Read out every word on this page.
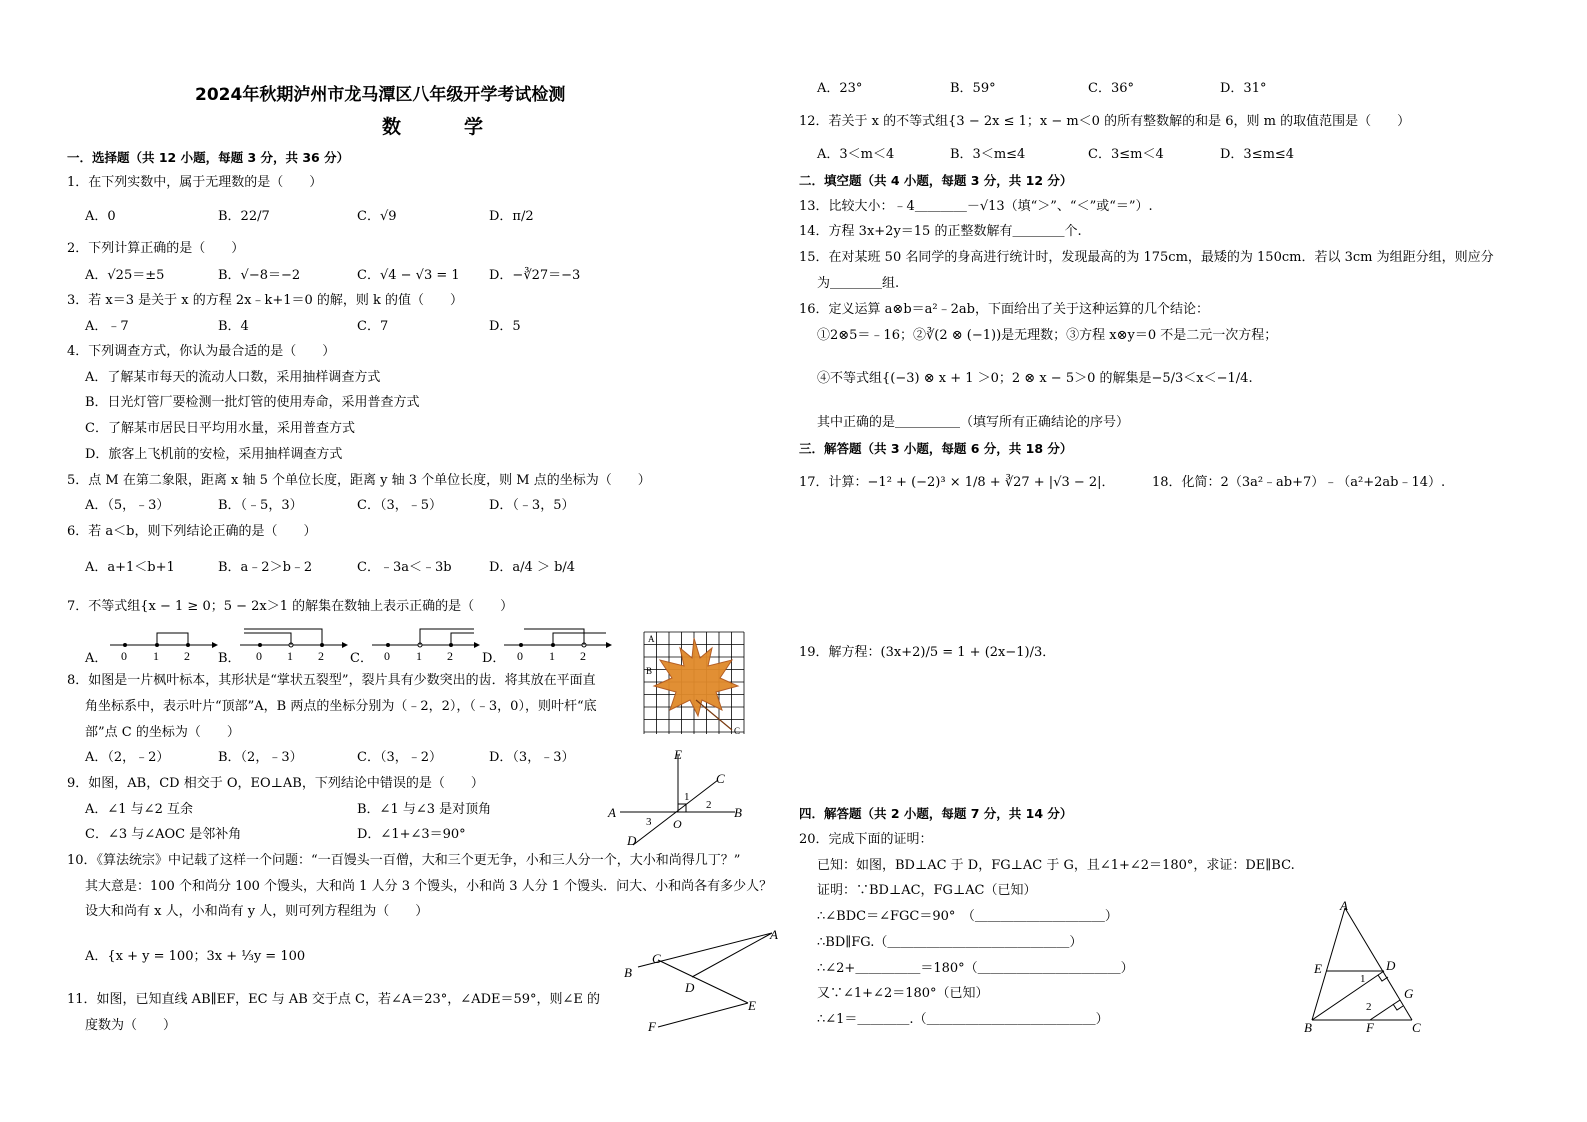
2024年秋期泸州市龙马潭区八年级开学考试检测
数　学
一．选择题（共 12 小题，每题 3 分，共 36 分）
1．在下列实数中，属于无理数的是（　　）
A．0	B．22/7	C．√9	D．π/2
2．下列计算正确的是（　　）
A．√25＝±5	B．√−8＝−2	C．√4 − √3 = 1 D．−∛27＝−3
3．若 x＝3 是关于 x 的方程 2x﹣k+1＝0 的解，则 k 的值（　　）
A．﹣7	B．4	C．7	D．5
4．下列调查方式，你认为最合适的是（　　）
A．了解某市每天的流动人口数，采用抽样调查方式
B．日光灯管厂要检测一批灯管的使用寿命，采用普查方式
C．了解某市居民日平均用水量，采用普查方式
D．旅客上飞机前的安检，采用抽样调查方式
5．点 M 在第二象限，距离 x 轴 5 个单位长度，距离 y 轴 3 个单位长度，则 M 点的坐标为（　　）
A．（5，﹣3）	B．（﹣5，3）	C．（3，﹣5）	D．（﹣3，5）
6．若 a＜b，则下列结论正确的是（　　）
A．a+1＜b+1	B．a﹣2＞b﹣2	C．﹣3a＜﹣3b	D．a/4 ＞ b/4
7．不等式组{x − 1 ≥ 0；5 − 2x＞1 的解集在数轴上表示正确的是（　　）
A．	B．	C．	D．
8．如图是一片枫叶标本，其形状是“掌状五裂型”，裂片具有少数突出的齿．将其放在平面直
角坐标系中，表示叶片“顶部”A，B 两点的坐标分别为（﹣2，2），（﹣3，0），则叶杆“底
部”点 C 的坐标为（　　）
A．（2，﹣2）	B．（2，﹣3）	C．（3，﹣2）	D．（3，﹣3）
9．如图，AB，CD 相交于 O，EO⊥AB，下列结论中错误的是（　　）
A．∠1 与∠2 互余	B．∠1 与∠3 是对顶角
C．∠3 与∠AOC 是邻补角	D．∠1+∠3＝90°
10．《算法统宗》中记载了这样一个问题：“一百馒头一百僧，大和三个更无争，小和三人分一个，大小和尚得几丁？”
其大意是：100 个和尚分 100 个馒头，大和尚 1 人分 3 个馒头，小和尚 3 人分 1 个馒头．问大、小和尚各有多少人？
设大和尚有 x 人，小和尚有 y 人，则可列方程组为（　　）
A．{x + y = 100；3x + ⅓y = 100
11．如图，已知直线 AB∥EF，EC 与 AB 交于点 C，若∠A＝23°，∠ADE＝59°，则∠E 的
度数为（　　）
A．23°	B．59°	C．36°	D．31°
12．若关于 x 的不等式组{3 − 2x ≤ 1；x − m＜0 的所有整数解的和是 6，则 m 的取值范围是（　　）
A．3＜m＜4	B．3＜m≤4	C．3≤m＜4	D．3≤m≤4
二．填空题（共 4 小题，每题 3 分，共 12 分）
13．比较大小：﹣4＿＿＿＿－√13（填“＞”、“＜”或“＝”）.
14．方程 3x+2y＝15 的正整数解有＿＿＿＿个.
15．在对某班 50 名同学的身高进行统计时，发现最高的为 175cm，最矮的为 150cm．若以 3cm 为组距分组，则应分
为＿＿＿＿组.
16．定义运算 a⊗b＝a²﹣2ab，下面给出了关于这种运算的几个结论：
①2⊗5＝﹣16；②∛(2 ⊗ (−1))是无理数；③方程 x⊗y＝0 不是二元一次方程；
④不等式组{(−3) ⊗ x + 1 ＞0；2 ⊗ x − 5＞0 的解集是−5/3＜x＜−1/4.
其中正确的是＿＿＿＿＿（填写所有正确结论的序号）
三．解答题（共 3 小题，每题 6 分，共 18 分）
17．计算：−1² + (−2)³ × 1/8 + ∛27 + |√3 − 2|．	18．化简：2（3a²﹣ab+7）﹣（a²+2ab﹣14）.
19．解方程：(3x+2)/5 = 1 + (2x−1)/3．
四．解答题（共 2 小题，每题 7 分，共 14 分）
20．完成下面的证明：
已知：如图，BD⊥AC 于 D，FG⊥AC 于 G，且∠1+∠2＝180°，求证：DE∥BC.
证明：∵BD⊥AC，FG⊥AC（已知）
∴∠BDC＝∠FGC＝90°　（＿＿＿＿＿＿＿＿＿＿）
∴BD∥FG.（＿＿＿＿＿＿＿＿＿＿＿＿＿＿）
∴∠2+＿＿＿＿＿＝180°（＿＿＿＿＿＿＿＿＿＿＿）
又∵∠1+∠2＝180°（已知）
∴∠1＝＿＿＿＿.（＿＿＿＿＿＿＿＿＿＿＿＿＿）
0 1 2	0 1 2	0 1 2	0 1 2
A
B
C
E
C
A	B
D
O
1
2
3
B
C
A
D
E
F
A
E	D
1
2
G
B	F	C
